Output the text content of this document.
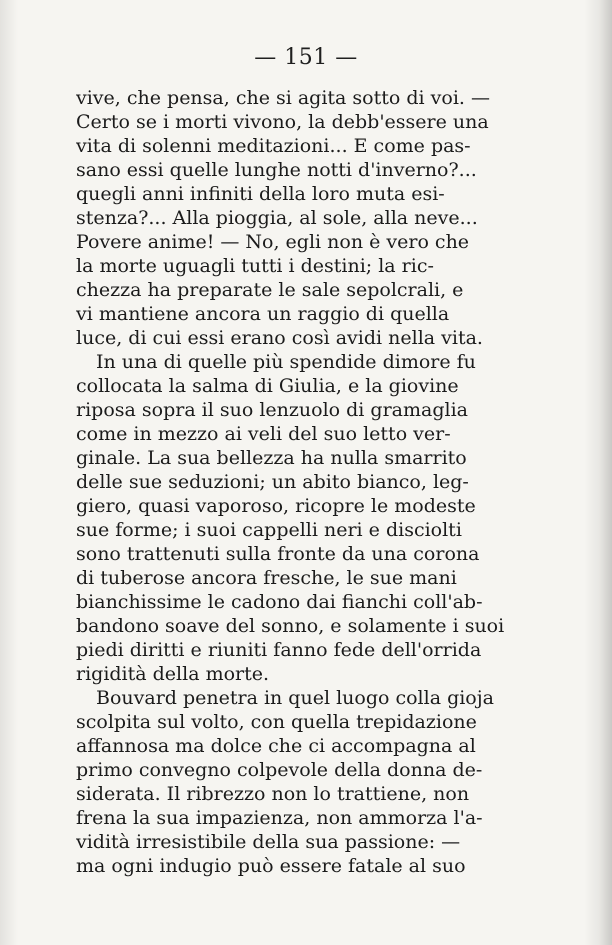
— 151 —
vive, che pensa, che si agita sotto di voi. —
Certo se i morti vivono, la debb'essere una
vita di solenni meditazioni... E come pas-
sano essi quelle lunghe notti d'inverno?...
quegli anni infiniti della loro muta esi-
stenza?... Alla pioggia, al sole, alla neve...
Povere anime! — No, egli non è vero che
la morte uguagli tutti i destini; la ric-
chezza ha preparate le sale sepolcrali, e
vi mantiene ancora un raggio di quella
luce, di cui essi erano così avidi nella vita.
In una di quelle più spendide dimore fu
collocata la salma di Giulia, e la giovine
riposa sopra il suo lenzuolo di gramaglia
come in mezzo ai veli del suo letto ver-
ginale. La sua bellezza ha nulla smarrito
delle sue seduzioni; un abito bianco, leg-
giero, quasi vaporoso, ricopre le modeste
sue forme; i suoi cappelli neri e disciolti
sono trattenuti sulla fronte da una corona
di tuberose ancora fresche, le sue mani
bianchissime le cadono dai fianchi coll'ab-
bandono soave del sonno, e solamente i suoi
piedi diritti e riuniti fanno fede dell'orrida
rigidità della morte.
Bouvard penetra in quel luogo colla gioja
scolpita sul volto, con quella trepidazione
affannosa ma dolce che ci accompagna al
primo convegno colpevole della donna de-
siderata. Il ribrezzo non lo trattiene, non
frena la sua impazienza, non ammorza l'a-
vidità irresistibile della sua passione: —
ma ogni indugio può essere fatale al suo
